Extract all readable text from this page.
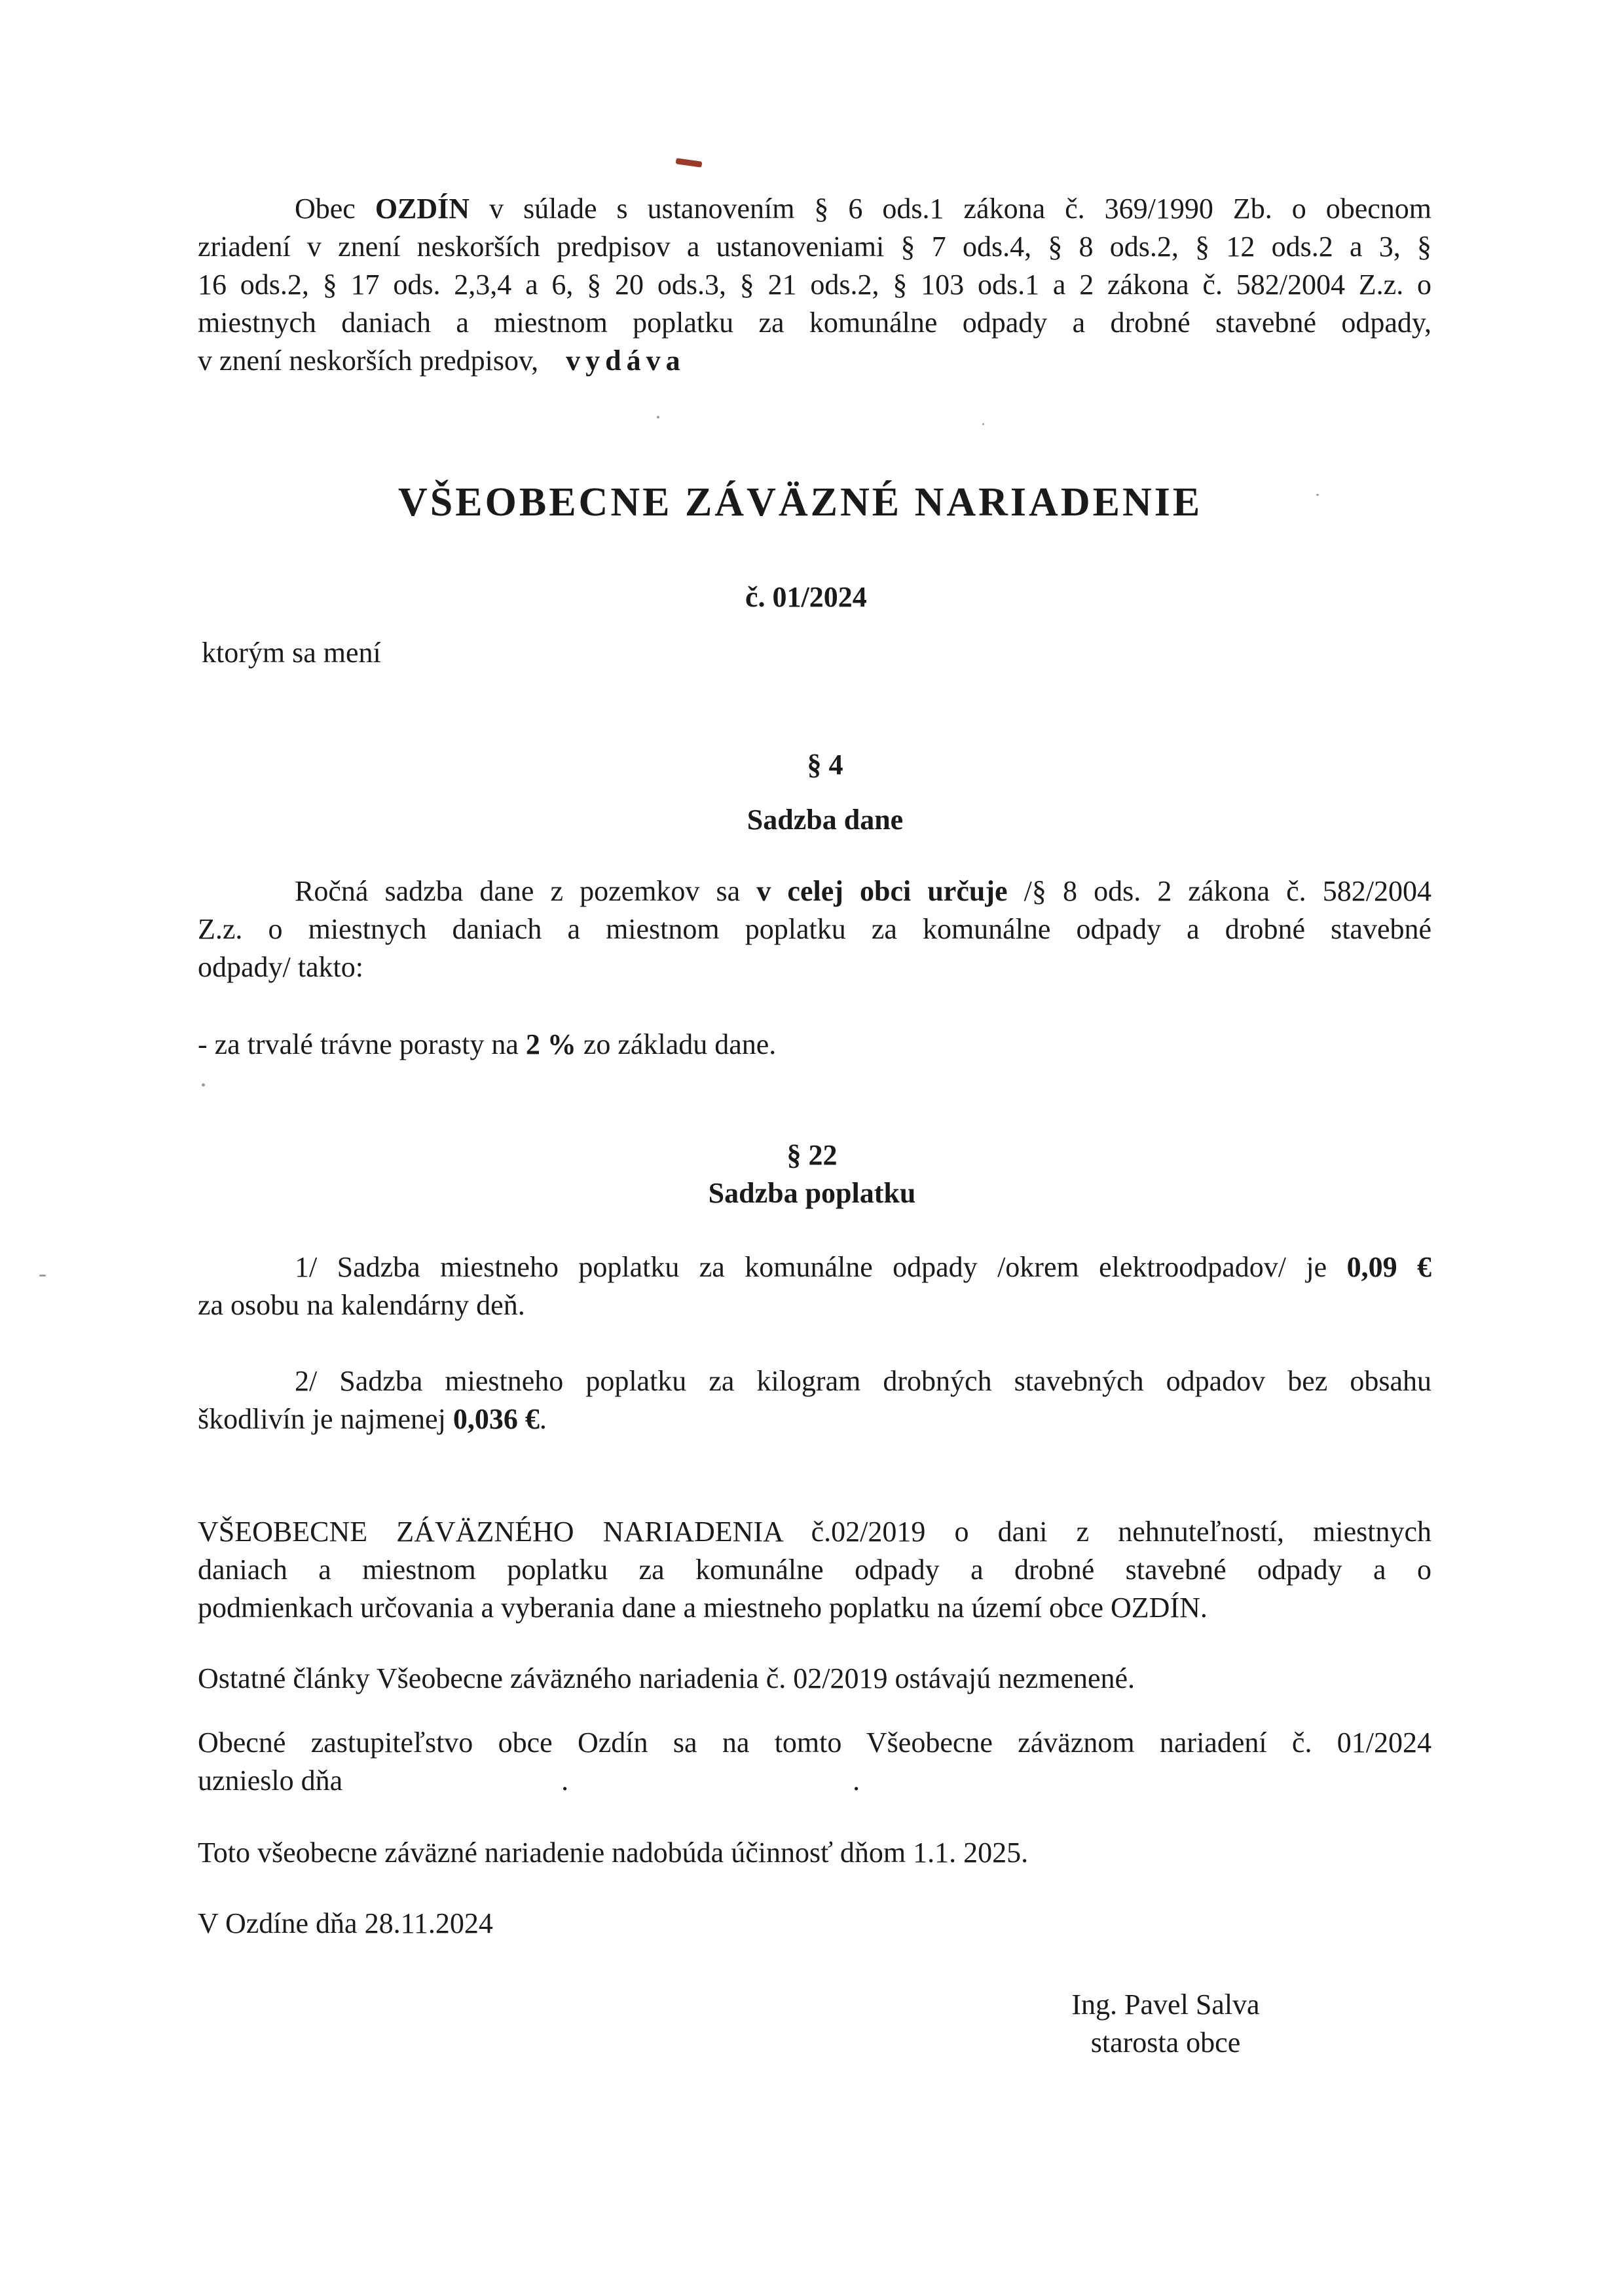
Obec OZDÍN v súlade s ustanovením § 6 ods.1 zákona č. 369/1990 Zb. o obecnom
zriadení v znení neskorších predpisov a ustanoveniami § 7 ods.4, § 8 ods.2, § 12 ods.2 a 3, §
16 ods.2, § 17 ods. 2,3,4 a 6, § 20 ods.3, § 21 ods.2, § 103 ods.1 a 2 zákona č. 582/2004 Z.z. o
miestnych daniach a miestnom poplatku za komunálne odpady a drobné stavebné odpady,
v znení neskorších predpisov, vydáva
VŠEOBECNE ZÁVÄZNÉ NARIADENIE
č. 01/2024
ktorým sa mení
§ 4
Sadzba dane
Ročná sadzba dane z pozemkov sa v celej obci určuje /§ 8 ods. 2 zákona č. 582/2004
Z.z. o miestnych daniach a miestnom poplatku za komunálne odpady a drobné stavebné
odpady/ takto:
- za trvalé trávne porasty na 2 % zo základu dane.
§ 22
Sadzba poplatku
1/ Sadzba miestneho poplatku za komunálne odpady /okrem elektroodpadov/ je 0,09 €
za osobu na kalendárny deň.
2/ Sadzba miestneho poplatku za kilogram drobných stavebných odpadov bez obsahu
škodlivín je najmenej 0,036 €.
VŠEOBECNE ZÁVÄZNÉHO NARIADENIA č.02/2019 o dani z nehnuteľností, miestnych
daniach a miestnom poplatku za komunálne odpady a drobné stavebné odpady a o
podmienkach určovania a vyberania dane a miestneho poplatku na území obce OZDÍN.
Ostatné články Všeobecne záväzného nariadenia č. 02/2019 ostávajú nezmenené.
Obecné zastupiteľstvo obce Ozdín sa na tomto Všeobecne záväznom nariadení č. 01/2024
uznieslo dňa	.	.
Toto všeobecne záväzné nariadenie nadobúda účinnosť dňom 1.1. 2025.
V Ozdíne dňa 28.11.2024
Ing. Pavel Salva
starosta obce
